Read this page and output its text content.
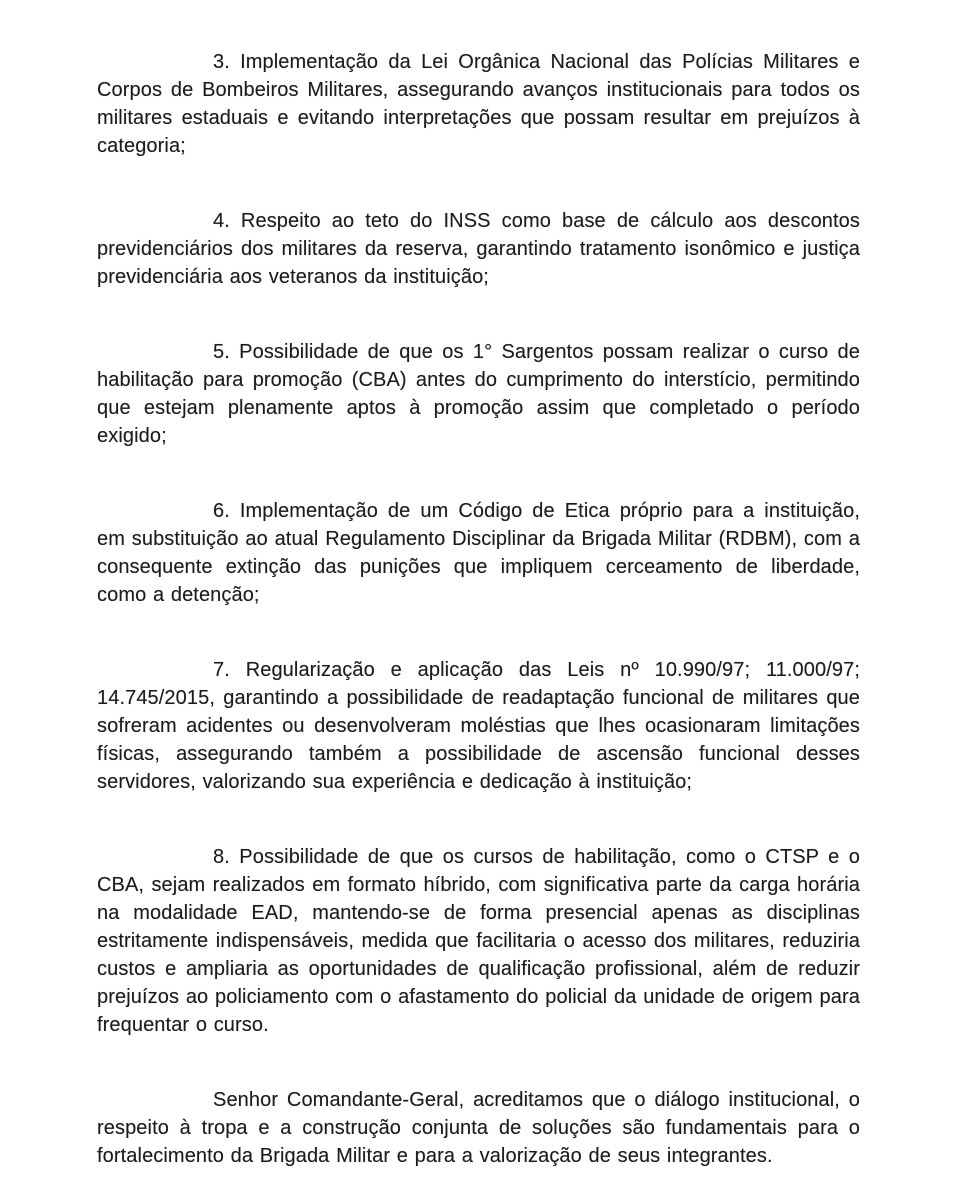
3. Implementação da Lei Orgânica Nacional das Polícias Militares e Corpos de Bombeiros Militares, assegurando avanços institucionais para todos os militares estaduais e evitando interpretações que possam resultar em prejuízos à categoria;

4. Respeito ao teto do INSS como base de cálculo aos descontos previdenciários dos militares da reserva, garantindo tratamento isonômico e justiça previdenciária aos veteranos da instituição;

5. Possibilidade de que os 1° Sargentos possam realizar o curso de habilitação para promoção (CBA) antes do cumprimento do interstício, permitindo que estejam plenamente aptos à promoção assim que completado o período exigido;

6. Implementação de um Código de Etica próprio para a instituição, em substituição ao atual Regulamento Disciplinar da Brigada Militar (RDBM), com a consequente extinção das punições que impliquem cerceamento de liberdade, como a detenção;

7. Regularização e aplicação das Leis nº 10.990/97; 11.000/97; 14.745/2015, garantindo a possibilidade de readaptação funcional de militares que sofreram acidentes ou desenvolveram moléstias que lhes ocasionaram limitações físicas, assegurando também a possibilidade de ascensão funcional desses servidores, valorizando sua experiência e dedicação à instituição;

8. Possibilidade de que os cursos de habilitação, como o CTSP e o CBA, sejam realizados em formato híbrido, com significativa parte da carga horária na modalidade EAD, mantendo-se de forma presencial apenas as disciplinas estritamente indispensáveis, medida que facilitaria o acesso dos militares, reduziria custos e ampliaria as oportunidades de qualificação profissional, além de reduzir prejuízos ao policiamento com o afastamento do policial da unidade de origem para frequentar o curso.

Senhor Comandante-Geral, acreditamos que o diálogo institucional, o respeito à tropa e a construção conjunta de soluções são fundamentais para o fortalecimento da Brigada Militar e para a valorização de seus integrantes.
